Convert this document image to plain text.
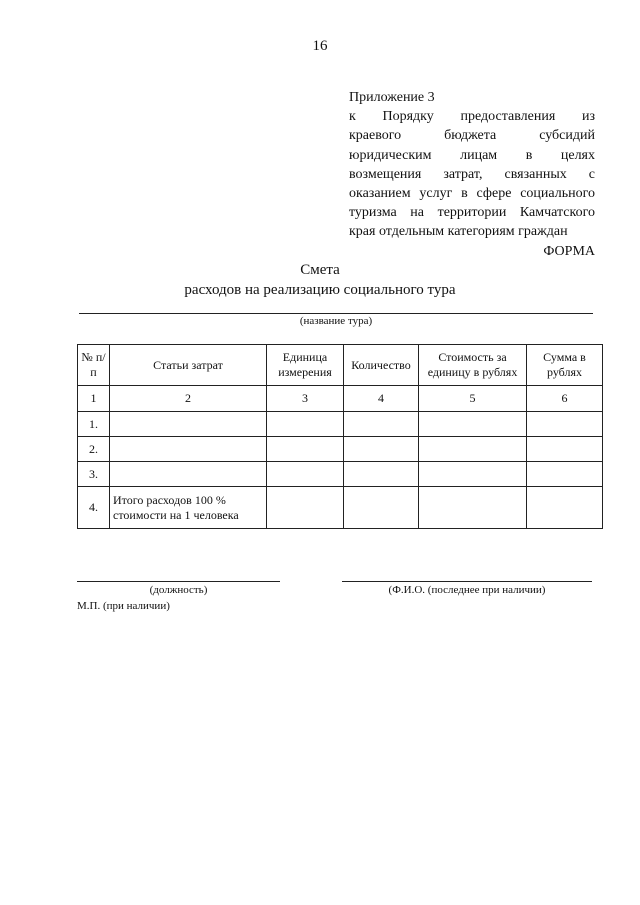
16
Приложение 3
к Порядку предоставления из
краевого бюджета субсидий
юридическим лицам в целях
возмещения затрат, связанных с
оказанием услуг в сфере социального
туризма на территории Камчатского
края отдельным категориям граждан
ФОРМА
Смета
расходов на реализацию социального тура
(название тура)
№ п/п	Статьи затрат	Единица измерения	Количество	Стоимость за единицу в рублях	Сумма в рублях
1	2	3	4	5	6
1.					
2.					
3.					
4.	Итого расходов 100 % стоимости на 1 человека				
(должность)	(Ф.И.О. (последнее при наличии)
М.П. (при наличии)
